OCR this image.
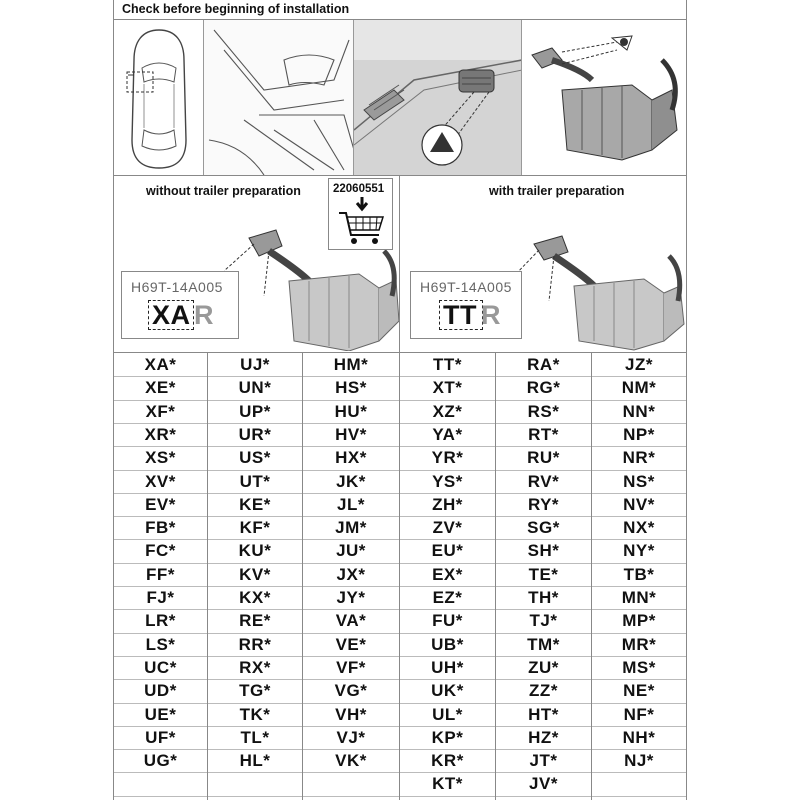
Check before beginning of installation
without trailer preparation	with trailer preparation
H69T-14A005
XA R
H69T-14A005
TT R
22060551
XA*
XE*
XF*
XR*
XS*
XV*
EV*
FB*
FC*
FF*
FJ*
LR*
LS*
UC*
UD*
UE*
UF*
UG*
UJ*
UN*
UP*
UR*
US*
UT*
KE*
KF*
KU*
KV*
KX*
RE*
RR*
RX*
TG*
TK*
TL*
HL*
HM*
HS*
HU*
HV*
HX*
JK*
JL*
JM*
JU*
JX*
JY*
VA*
VE*
VF*
VG*
VH*
VJ*
VK*
TT*
XT*
XZ*
YA*
YR*
YS*
ZH*
ZV*
EU*
EX*
EZ*
FU*
UB*
UH*
UK*
UL*
KP*
KR*
KT*
RA*
RG*
RS*
RT*
RU*
RV*
RY*
SG*
SH*
TE*
TH*
TJ*
TM*
ZU*
ZZ*
HT*
HZ*
JT*
JV*
JZ*
NM*
NN*
NP*
NR*
NS*
NV*
NX*
NY*
TB*
MN*
MP*
MR*
MS*
NE*
NF*
NH*
NJ*
